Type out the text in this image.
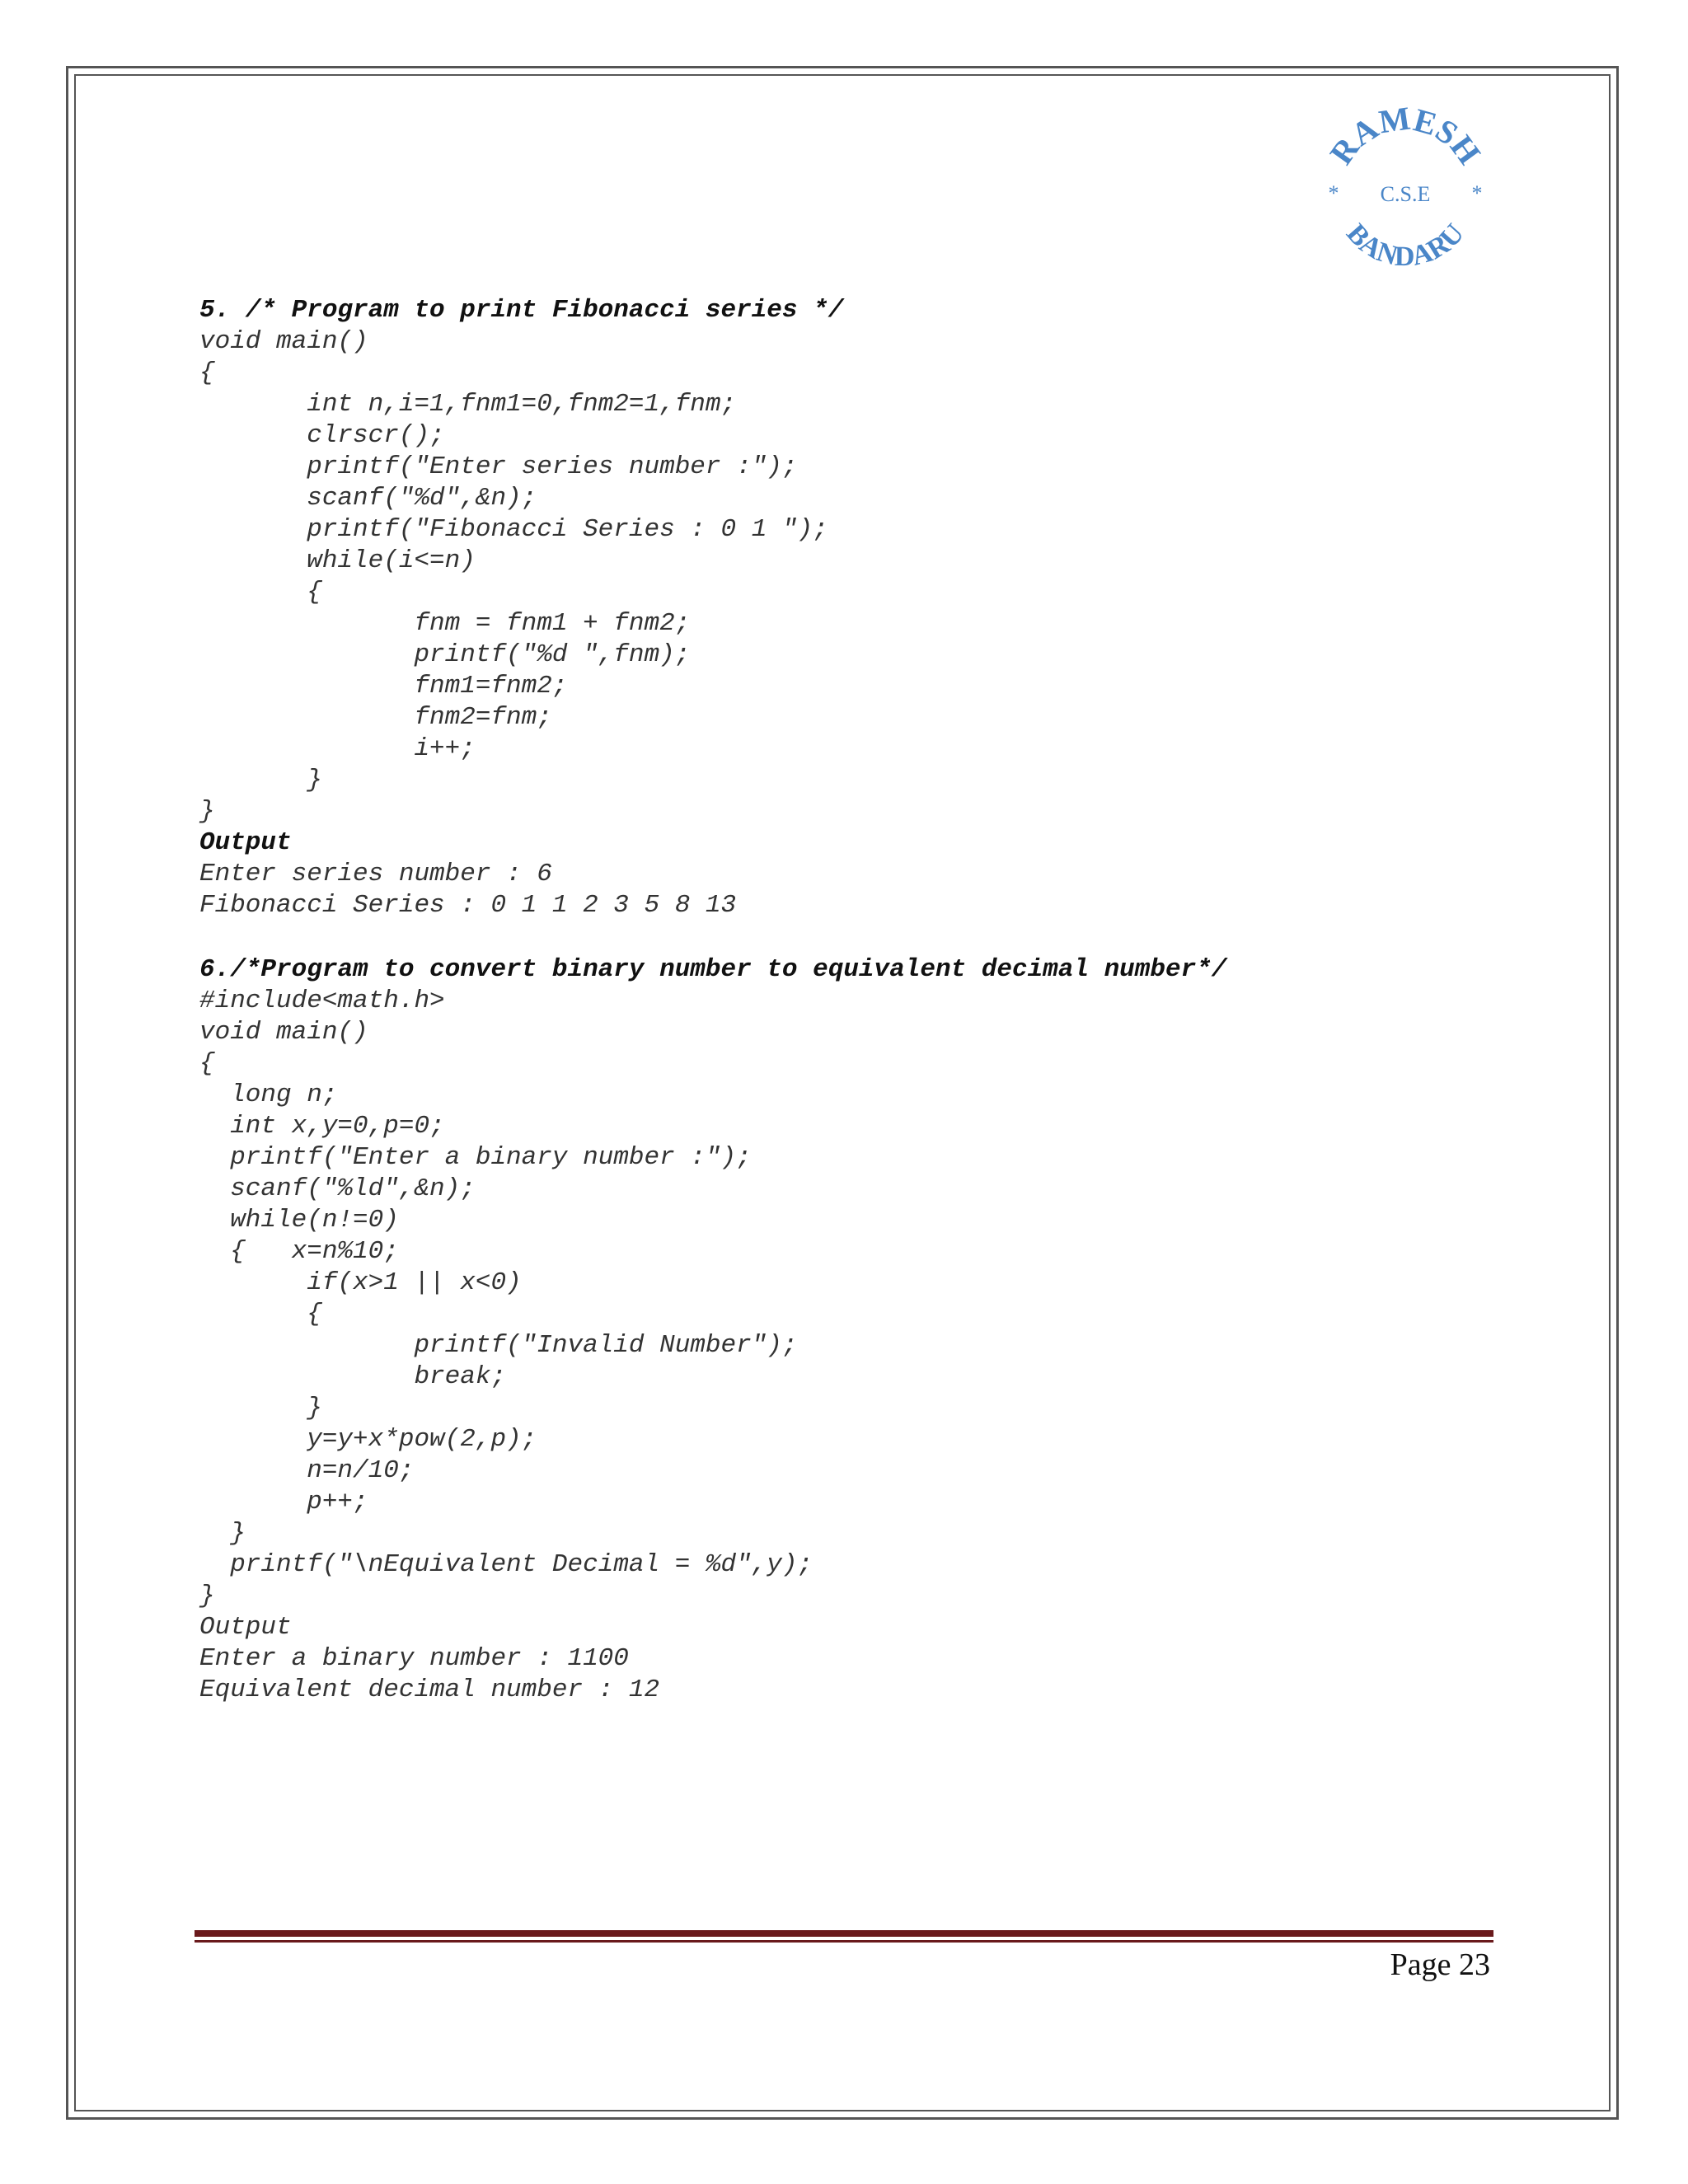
RAMESH
BANDARU
*	*
C.S.E
5. /* Program to print Fibonacci series */
void main()
{
int n,i=1,fnm1=0,fnm2=1,fnm;
clrscr();
printf("Enter series number :");
scanf("%d",&n);
printf("Fibonacci Series : 0 1 ");
while(i<=n)
{
fnm = fnm1 + fnm2;
printf("%d ",fnm);
fnm1=fnm2;
fnm2=fnm;
i++;
}
}
Output
Enter series number : 6
Fibonacci Series : 0 1 1 2 3 5 8 13
6./*Program to convert binary number to equivalent decimal number*/
#include<math.h>
void main()
{
long n;
int x,y=0,p=0;
printf("Enter a binary number :");
scanf("%ld",&n);
while(n!=0)
{   x=n%10;
if(x>1 || x<0)
{
printf("Invalid Number");
break;
}
y=y+x*pow(2,p);
n=n/10;
p++;
}
printf("\nEquivalent Decimal = %d",y);
}
Output
Enter a binary number : 1100
Equivalent decimal number : 12
Page 23
